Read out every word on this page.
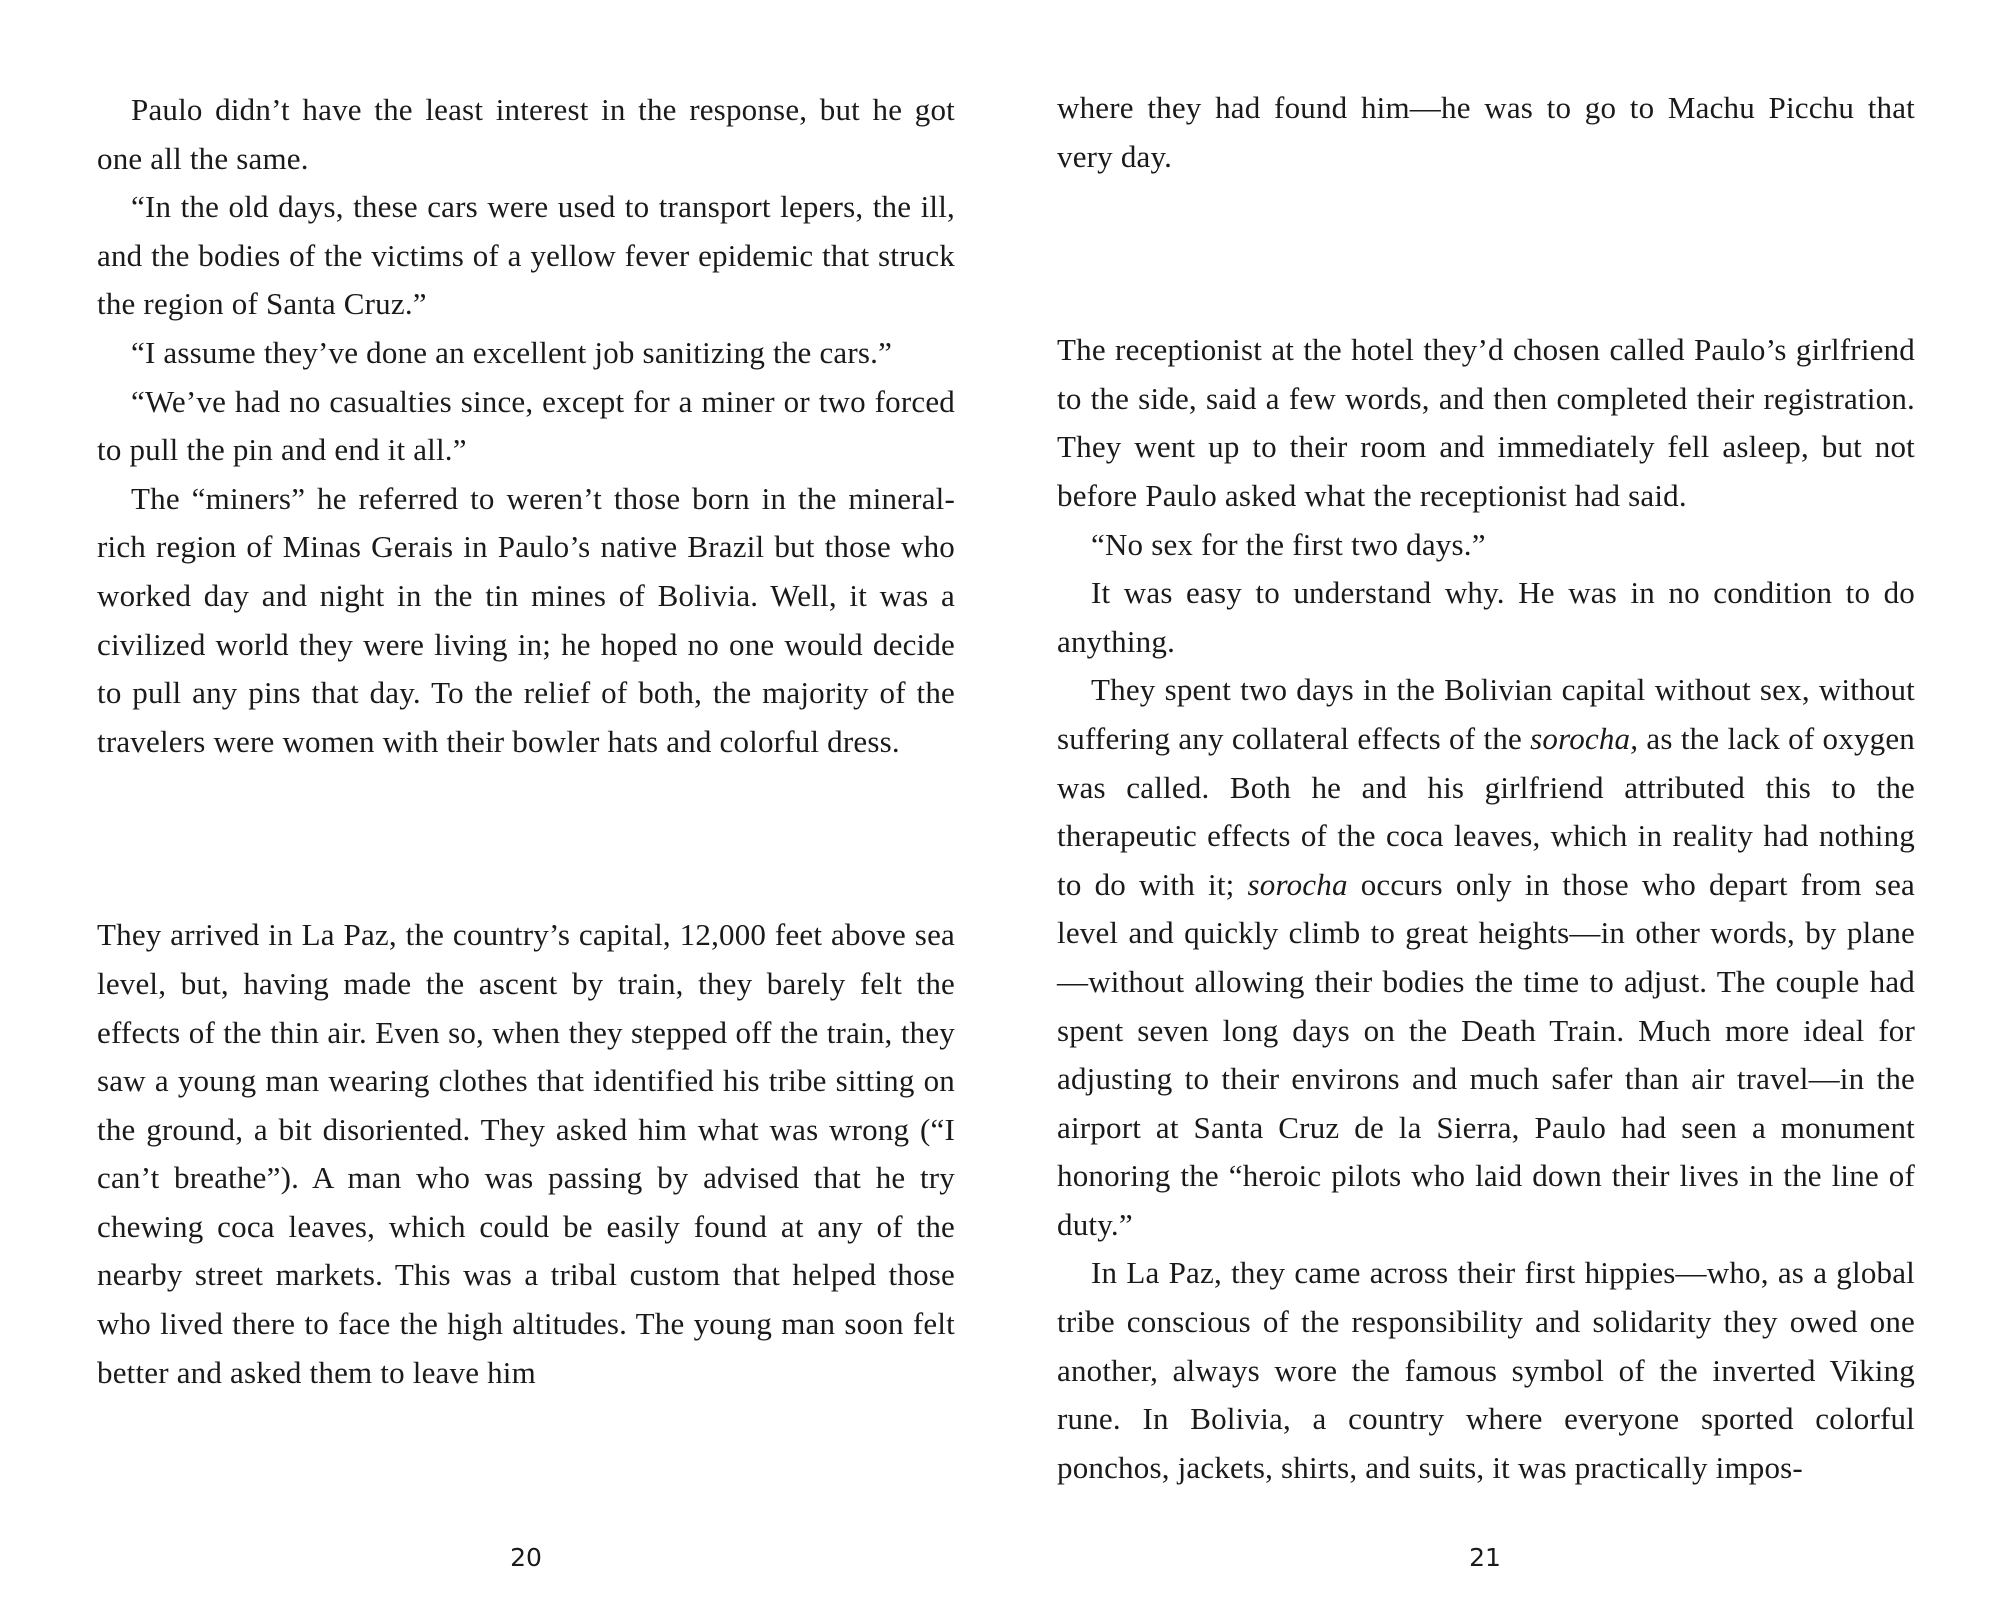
Paulo didn’t have the least interest in the response, but he got one all the same.

“In the old days, these cars were used to transport lepers, the ill, and the bodies of the victims of a yellow fever epidemic that struck the region of Santa Cruz.”

“I assume they’ve done an excellent job sanitizing the cars.”

“We’ve had no casualties since, except for a miner or two forced to pull the pin and end it all.”

The “miners” he referred to weren’t those born in the mineral-rich region of Minas Gerais in Paulo’s native Brazil but those who worked day and night in the tin mines of Bolivia. Well, it was a civilized world they were living in; he hoped no one would decide to pull any pins that day. To the relief of both, the majority of the travelers were women with their bowler hats and colorful dress.

They arrived in La Paz, the country’s capital, 12,000 feet above sea level, but, having made the ascent by train, they barely felt the effects of the thin air. Even so, when they stepped off the train, they saw a young man wearing clothes that identified his tribe sitting on the ground, a bit disoriented. They asked him what was wrong (“I can’t breathe”). A man who was passing by advised that he try chewing coca leaves, which could be easily found at any of the nearby street markets. This was a tribal custom that helped those who lived there to face the high altitudes. The young man soon felt better and asked them to leave him

20

where they had found him—he was to go to Machu Picchu that very day.

The receptionist at the hotel they’d chosen called Paulo’s girlfriend to the side, said a few words, and then completed their registration. They went up to their room and immediately fell asleep, but not before Paulo asked what the receptionist had said.

“No sex for the first two days.”

It was easy to understand why. He was in no condition to do anything.

They spent two days in the Bolivian capital without sex, without suffering any collateral effects of the sorocha, as the lack of oxygen was called. Both he and his girlfriend attributed this to the therapeutic effects of the coca leaves, which in reality had nothing to do with it; sorocha occurs only in those who depart from sea level and quickly climb to great heights—in other words, by plane—without allowing their bodies the time to adjust. The couple had spent seven long days on the Death Train. Much more ideal for adjusting to their environs and much safer than air travel—in the airport at Santa Cruz de la Sierra, Paulo had seen a monument honoring the “heroic pilots who laid down their lives in the line of duty.”

In La Paz, they came across their first hippies—who, as a global tribe conscious of the responsibility and solidarity they owed one another, always wore the famous symbol of the inverted Viking rune. In Bolivia, a country where everyone sported colorful ponchos, jackets, shirts, and suits, it was practically impos-

21
